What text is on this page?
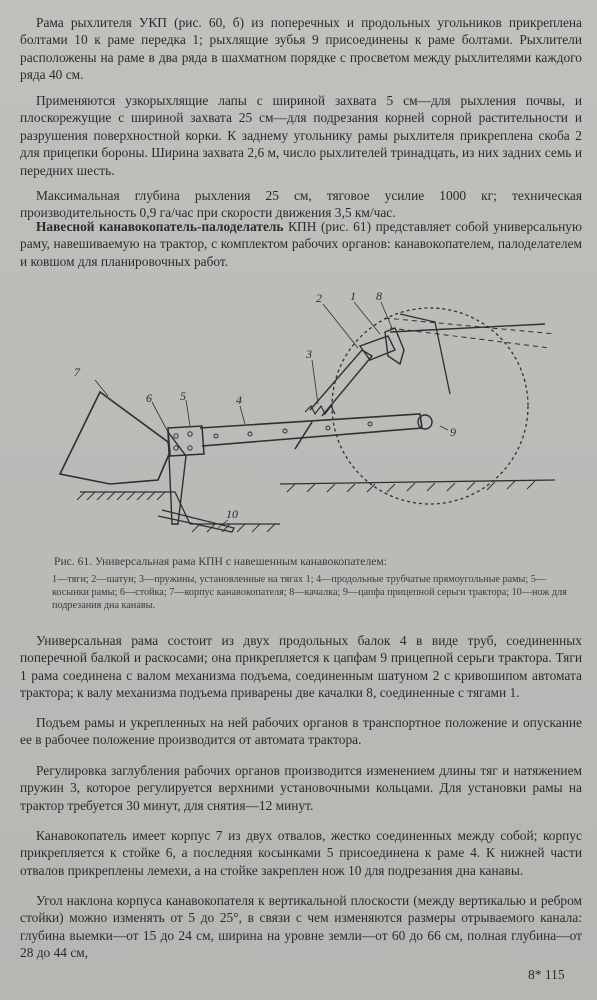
Рама рыхлителя УКП (рис. 60, б) из поперечных и продольных угольников прикреплена болтами 10 к раме передка 1; рыхлящие зубья 9 присоединены к раме болтами. Рыхлители расположены на раме в два ряда в шахматном порядке с просветом между рыхлителями каждого ряда 40 см.

Применяются узкорыхлящие лапы с шириной захвата 5 см—для рыхления почвы, и плоскорежущие с шириной захвата 25 см—для подрезания корней сорной растительности и разрушения поверхностной корки. К заднему угольнику рамы рыхлителя прикреплена скоба 2 для прицепки бороны. Ширина захвата 2,6 м, число рыхлителей тринадцать, из них задних семь и передних шесть.

Максимальная глубина рыхления 25 см, тяговое усилие 1000 кг; техническая производительность 0,9 га/час при скорости движения 3,5 км/час.

Навесной канавокопатель-палоделатель КПН (рис. 61) представляет собой универсальную раму, навешиваемую на трактор, с комплектом рабочих органов: канавокопателем, палоделателем и ковшом для планировочных работ.

7
6 5	4
3
2 1 8
9
10

Рис. 61. Универсальная рама КПН с навешенным канавокопателем:

1—тяги; 2—шатун; 3—пружины, установленные на тягах 1; 4—продольные трубчатые прямоугольные рамы; 5—косынки рамы; 6—стойка; 7—корпус канавокопателя; 8—качалка; 9—цапфа прицепной серьги трактора; 10—нож для подрезания дна канавы.

Универсальная рама состоит из двух продольных балок 4 в виде труб, соединенных поперечной балкой и раскосами; она прикрепляется к цапфам 9 прицепной серьги трактора. Тяги 1 рама соединена с валом механизма подъема, соединенным шатуном 2 с кривошипом автомата трактора; к валу механизма подъема приварены две качалки 8, соединенные с тягами 1.

Подъем рамы и укрепленных на ней рабочих органов в транспортное положение и опускание ее в рабочее положение производится от автомата трактора.

Регулировка заглубления рабочих органов производится изменением длины тяг и натяжением пружин 3, которое регулируется верхними установочными кольцами. Для установки рамы на трактор требуется 30 минут, для снятия—12 минут.

Канавокопатель имеет корпус 7 из двух отвалов, жестко соединенных между собой; корпус прикрепляется к стойке 6, а последняя косынками 5 присоединена к раме 4. К нижней части отвалов прикреплены лемехи, а на стойке закреплен нож 10 для подрезания дна канавы.

Угол наклона корпуса канавокопателя к вертикальной плоскости (между вертикалью и ребром стойки) можно изменять от 5 до 25°, в связи с чем изменяются размеры отрываемого канала: глубина выемки—от 15 до 24 см, ширина на уровне земли—от 60 до 66 см, полная глубина—от 28 до 44 см,

8* 115
